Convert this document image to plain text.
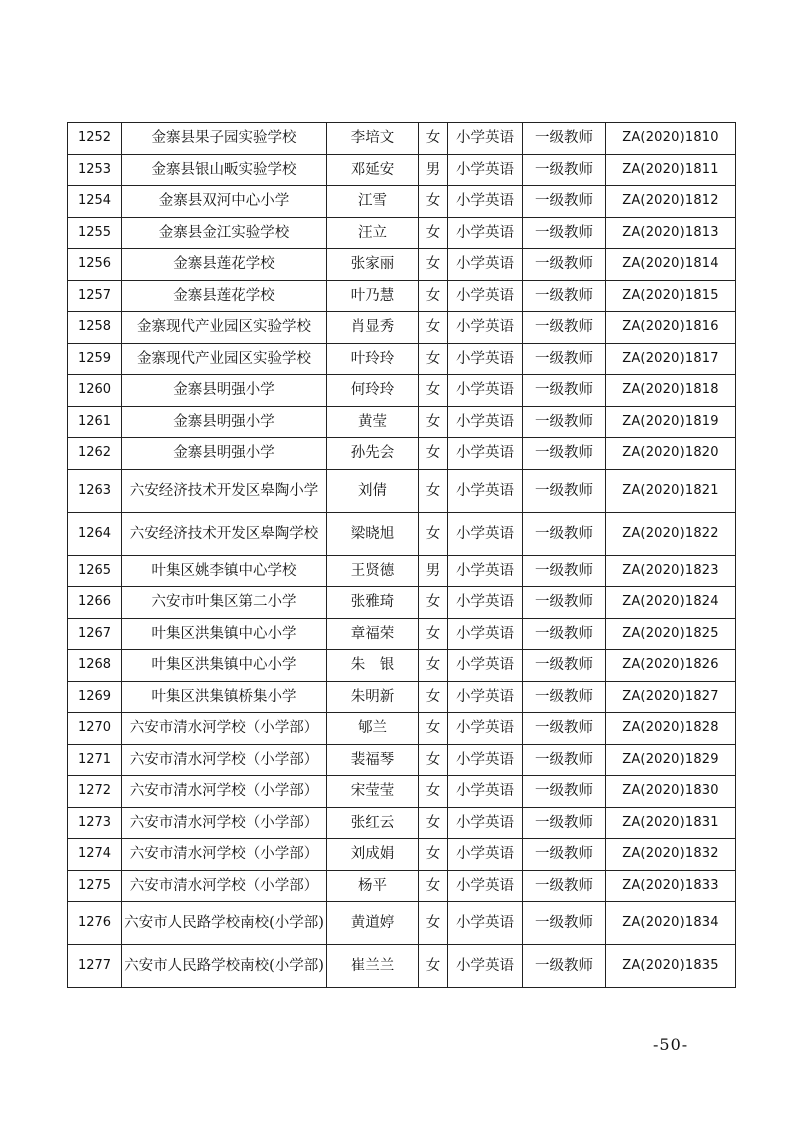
1252	金寨县果子园实验学校	李培文	女	小学英语	一级教师	ZA(2020)1810
1253	金寨县银山畈实验学校	邓延安	男	小学英语	一级教师	ZA(2020)1811
1254	金寨县双河中心小学	江雪	女	小学英语	一级教师	ZA(2020)1812
1255	金寨县金江实验学校	汪立	女	小学英语	一级教师	ZA(2020)1813
1256	金寨县莲花学校	张家丽	女	小学英语	一级教师	ZA(2020)1814
1257	金寨县莲花学校	叶乃慧	女	小学英语	一级教师	ZA(2020)1815
1258	金寨现代产业园区实验学校	肖显秀	女	小学英语	一级教师	ZA(2020)1816
1259	金寨现代产业园区实验学校	叶玲玲	女	小学英语	一级教师	ZA(2020)1817
1260	金寨县明强小学	何玲玲	女	小学英语	一级教师	ZA(2020)1818
1261	金寨县明强小学	黄莹	女	小学英语	一级教师	ZA(2020)1819
1262	金寨县明强小学	孙先会	女	小学英语	一级教师	ZA(2020)1820
1263	六安经济技术开发区皋陶小学	刘倩	女	小学英语	一级教师	ZA(2020)1821
1264	六安经济技术开发区皋陶学校	梁晓旭	女	小学英语	一级教师	ZA(2020)1822
1265	叶集区姚李镇中心学校	王贤德	男	小学英语	一级教师	ZA(2020)1823
1266	六安市叶集区第二小学	张雅琦	女	小学英语	一级教师	ZA(2020)1824
1267	叶集区洪集镇中心小学	章福荣	女	小学英语	一级教师	ZA(2020)1825
1268	叶集区洪集镇中心小学	朱　银	女	小学英语	一级教师	ZA(2020)1826
1269	叶集区洪集镇桥集小学	朱明新	女	小学英语	一级教师	ZA(2020)1827
1270	六安市清水河学校（小学部）	郇兰	女	小学英语	一级教师	ZA(2020)1828
1271	六安市清水河学校（小学部）	裴福琴	女	小学英语	一级教师	ZA(2020)1829
1272	六安市清水河学校（小学部）	宋莹莹	女	小学英语	一级教师	ZA(2020)1830
1273	六安市清水河学校（小学部）	张红云	女	小学英语	一级教师	ZA(2020)1831
1274	六安市清水河学校（小学部）	刘成娟	女	小学英语	一级教师	ZA(2020)1832
1275	六安市清水河学校（小学部）	杨平	女	小学英语	一级教师	ZA(2020)1833
1276	六安市人民路学校南校(小学部)	黄道婷	女	小学英语	一级教师	ZA(2020)1834
1277	六安市人民路学校南校(小学部)	崔兰兰	女	小学英语	一级教师	ZA(2020)1835
-50-
